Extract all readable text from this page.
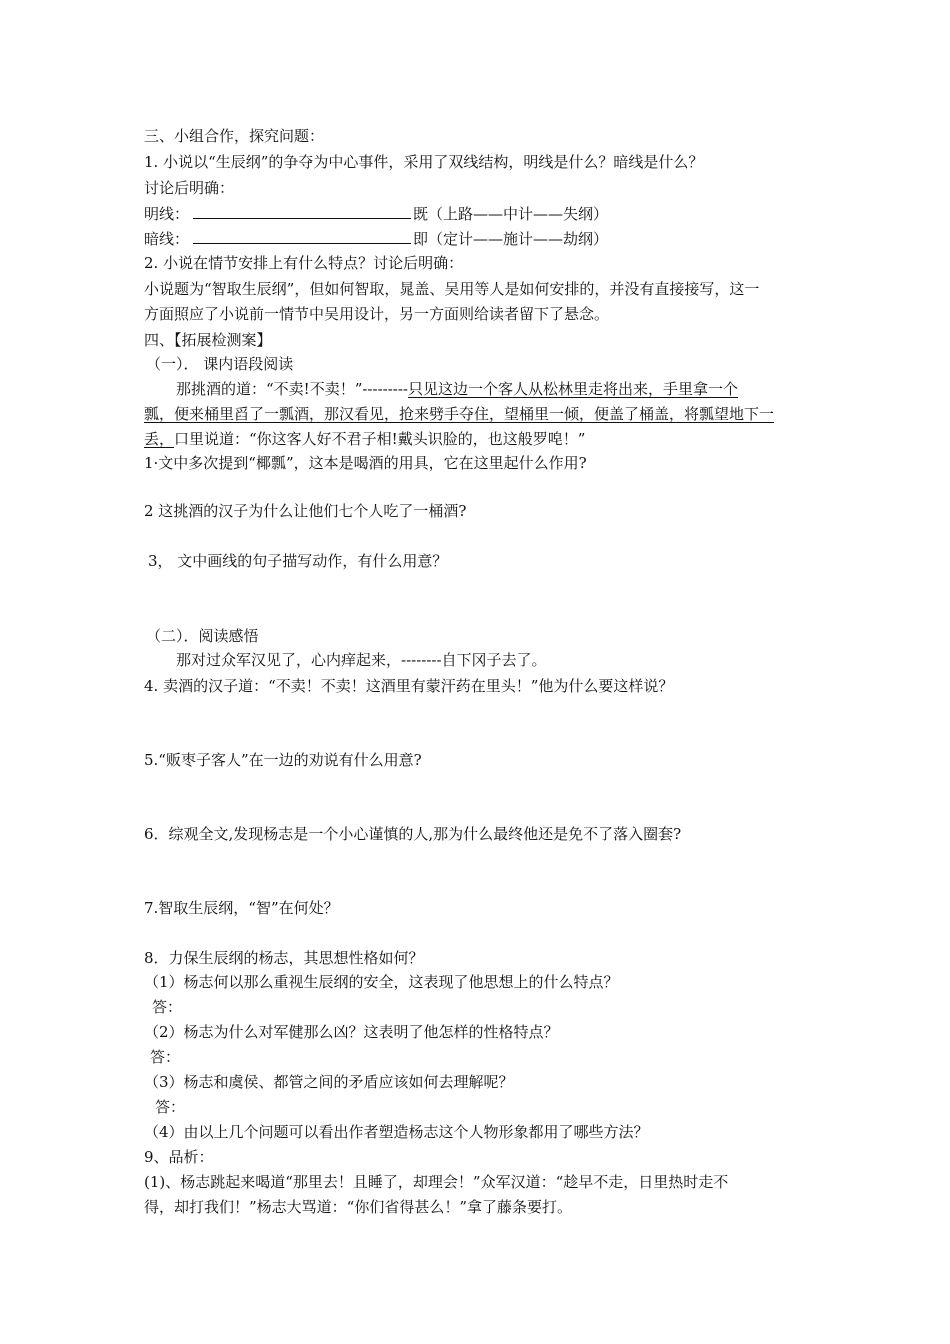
三、小组合作，探究问题：
1. 小说以“生辰纲”的争夺为中心事件，采用了双线结构，明线是什么？暗线是什么？
讨论后明确：
明线：	既（上路——中计——失纲）
暗线：	即（定计——施计——劫纲）
2. 小说在情节安排上有什么特点？讨论后明确：
小说题为“智取生辰纲”，但如何智取，晁盖、吴用等人是如何安排的，并没有直接接写，这一
方面照应了小说前一情节中吴用设计，另一方面则给读者留下了悬念。
四、【拓展检测案】
（一）． 课内语段阅读
那挑酒的道：“不卖!不卖！”---------只见这边一个客人从松林里走将出来，手里拿一个
瓢，便来桶里舀了一瓢酒，那汉看见，抢来劈手夺住，望桶里一倾，便盖了桶盖，将瓢望地下一
丢，口里说道：“你这客人好不君子相!戴头识脸的，也这般罗唣！”
1·文中多次提到“椰瓢”，这本是喝酒的用具，它在这里起什么作用?
2 这挑酒的汉子为什么让他们七个人吃了一桶酒?
3， 文中画线的句子描写动作，有什么用意？
（二）．阅读感悟
那对过众军汉见了，心内痒起来，--------自下冈子去了。
4. 卖酒的汉子道：“不卖！不卖！这酒里有蒙汗药在里头！”他为什么要这样说？
5.“贩枣子客人”在一边的劝说有什么用意?
6．综观全文,发现杨志是一个小心谨慎的人,那为什么最终他还是免不了落入圈套?
7.智取生辰纲，“智”在何处？
8．力保生辰纲的杨志，其思想性格如何？
（1）杨志何以那么重视生辰纲的安全，这表现了他思想上的什么特点？
答：
（2）杨志为什么对军健那么凶？这表明了他怎样的性格特点？
答：
（3）杨志和虞侯、都管之间的矛盾应该如何去理解呢？
答：
（4）由以上几个问题可以看出作者塑造杨志这个人物形象都用了哪些方法？
9、品析：
(1)、杨志跳起来喝道“那里去！且睡了，却理会！”众军汉道：“趁早不走，日里热时走不
得，却打我们！”杨志大骂道：“你们省得甚么！”拿了藤条要打。
